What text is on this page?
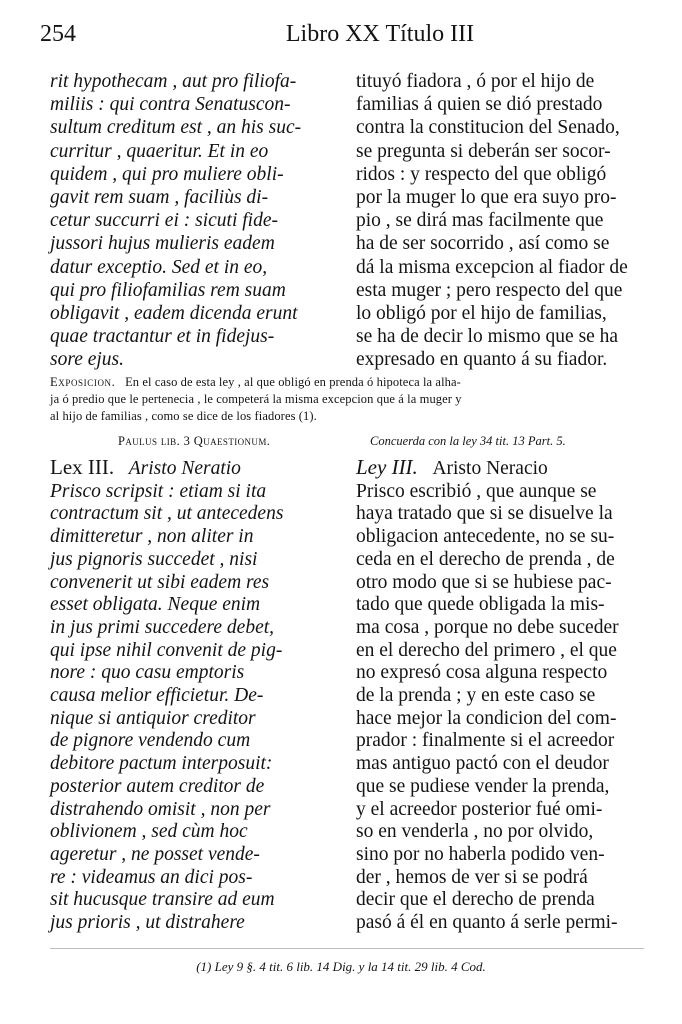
254	Libro XX Título III
rit hypothecam , aut pro filiofa-
miliis : qui contra Senatuscon-
sultum creditum est , an his suc-
curritur , quaeritur. Et in eo
quidem , qui pro muliere obli-
gavit rem suam , faciliùs di-
cetur succurri ei : sicuti fide-
jussori hujus mulieris eadem
datur exceptio. Sed et in eo,
qui pro filiofamilias rem suam
obligavit , eadem dicenda erunt
quae tractantur et in fidejus-
sore ejus.
tituyó fiadora , ó por el hijo de
familias á quien se dió prestado
contra la constitucion del Senado,
se pregunta si deberán ser socor-
ridos : y respecto del que obligó
por la muger lo que era suyo pro-
pio , se dirá mas facilmente que
ha de ser socorrido , así como se
dá la misma excepcion al fiador de
esta muger ; pero respecto del que
lo obligó por el hijo de familias,
se ha de decir lo mismo que se ha
expresado en quanto á su fiador.
Exposicion. En el caso de esta ley , al que obligó en prenda ó hipoteca la alha-
ja ó predio que le pertenecia , le competerá la misma excepcion que á la muger y
al hijo de familias , como se dice de los fiadores (1).
Paulus lib. 3 Quaestionum.	Concuerda con la ley 34 tit. 13 Part. 5.
Lex III. Aristo Neratio
Prisco scripsit : etiam si ita
contractum sit , ut antecedens
dimitteretur , non aliter in
jus pignoris succedet , nisi
convenerit ut sibi eadem res
esset obligata. Neque enim
in jus primi succedere debet,
qui ipse nihil convenit de pig-
nore : quo casu emptoris
causa melior efficietur. De-
nique si antiquior creditor
de pignore vendendo cum
debitore pactum interposuit:
posterior autem creditor de
distrahendo omisit , non per
oblivionem , sed cùm hoc
ageretur , ne posset vende-
re : videamus an dici pos-
sit hucusque transire ad eum
jus prioris , ut distrahere
Ley III. Aristo Neracio
Prisco escribió , que aunque se
haya tratado que si se disuelve la
obligacion antecedente, no se su-
ceda en el derecho de prenda , de
otro modo que si se hubiese pac-
tado que quede obligada la mis-
ma cosa , porque no debe suceder
en el derecho del primero , el que
no expresó cosa alguna respecto
de la prenda ; y en este caso se
hace mejor la condicion del com-
prador : finalmente si el acreedor
mas antiguo pactó con el deudor
que se pudiese vender la prenda,
y el acreedor posterior fué omi-
so en venderla , no por olvido,
sino por no haberla podido ven-
der , hemos de ver si se podrá
decir que el derecho de prenda
pasó á él en quanto á serle permi-
(1) Ley 9 §. 4 tit. 6 lib. 14 Dig. y la 14 tit. 29 lib. 4 Cod.
